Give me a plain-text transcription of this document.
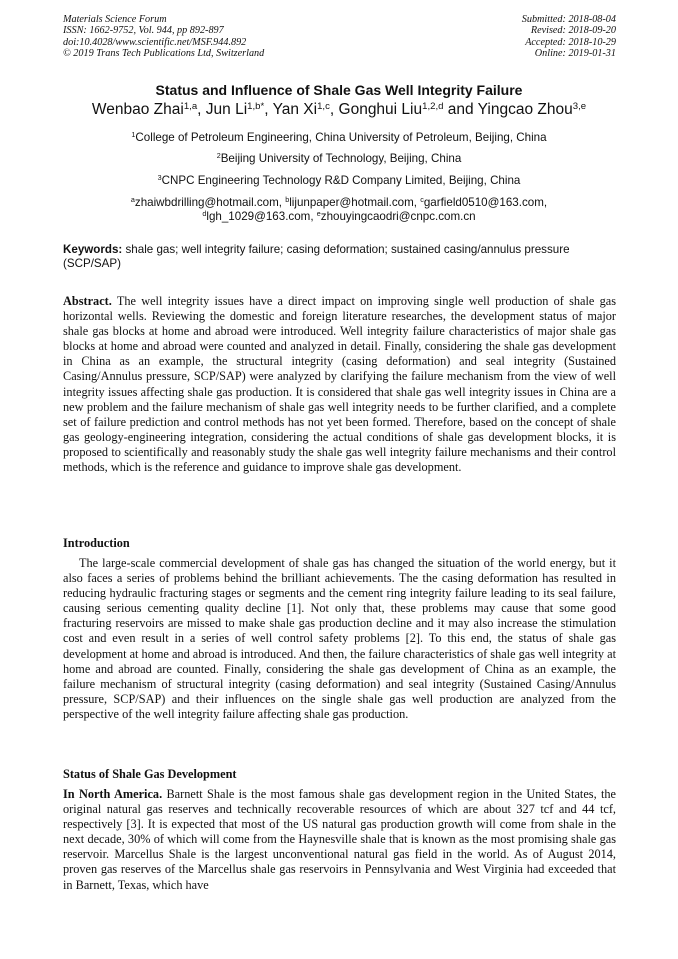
Materials Science Forum
ISSN: 1662-9752, Vol. 944, pp 892-897
doi:10.4028/www.scientific.net/MSF.944.892
© 2019 Trans Tech Publications Ltd, Switzerland
Submitted: 2018-08-04
Revised: 2018-09-20
Accepted: 2018-10-29
Online: 2019-01-31
Status and Influence of Shale Gas Well Integrity Failure
Wenbao Zhai$^{1,a}$, Jun $Li^{1,b*}$, Yan Xi$^{1,c}$, Gonghui Liu$^{1,2,d}$ and Yingcao Zhou$^{3,e}$
$^1$College of Petroleum Engineering, China University of Petroleum, Beijing, China
$^2$Beijing University of Technology, Beijing, China
$^3$CNPC Engineering Technology R&D Company Limited, Beijing, China
$^a$zhaiwbdrilling@hotmail.com, $^b$lijunpaper@hotmail.com, $^c$garfield0510@163.com,
$^d$lgh_1029@163.com, $^e$zhouyingcaodri@cnpc.com.cn
Keywords: shale gas; well integrity failure; casing deformation; sustained casing/annulus pressure (SCP/SAP)
Abstract. The well integrity issues have a direct impact on improving single well production of shale gas horizontal wells. Reviewing the domestic and foreign literature researches, the development status of major shale gas blocks at home and abroad were introduced. Well integrity failure characteristics of major shale gas blocks at home and abroad were counted and analyzed in detail. Finally, considering the shale gas development in China as an example, the structural integrity (casing deformation) and seal integrity (Sustained Casing/Annulus pressure, SCP/SAP) were analyzed by clarifying the failure mechanism from the view of well integrity issues affecting shale gas production. It is considered that shale gas well integrity issues in China are a new problem and the failure mechanism of shale gas well integrity needs to be further clarified, and a complete set of failure prediction and control methods has not yet been formed. Therefore, based on the concept of shale gas geology-engineering integration, considering the actual conditions of shale gas development blocks, it is proposed to scientifically and reasonably study the shale gas well integrity failure mechanisms and their control methods, which is the reference and guidance to improve shale gas development.
Introduction
The large-scale commercial development of shale gas has changed the situation of the world energy, but it also faces a series of problems behind the brilliant achievements. The the casing deformation has resulted in reducing hydraulic fracturing stages or segments and the cement ring integrity failure leading to its seal failure, causing serious cementing quality decline [1]. Not only that, these problems may cause that some good fracturing reservoirs are missed to make shale gas production decline and it may also increase the stimulation cost and even result in a series of well control safety problems [2]. To this end, the status of shale gas development at home and abroad is introduced. And then, the failure characteristics of shale gas well integrity at home and abroad are counted. Finally, considering the shale gas development of China as an example, the failure mechanism of structural integrity (casing deformation) and seal integrity (Sustained Casing/Annulus pressure, SCP/SAP) and their influences on the single shale gas well production are analyzed from the perspective of the well integrity failure affecting shale gas production.
Status of Shale Gas Development
In North America. Barnett Shale is the most famous shale gas development region in the United States, the original natural gas reserves and technically recoverable resources of which are about 327 tcf and 44 tcf, respectively [3]. It is expected that most of the US natural gas production growth will come from shale in the next decade, 30% of which will come from the Haynesville shale that is known as the most promising shale gas reservoir. Marcellus Shale is the largest unconventional natural gas field in the world. As of August 2014, proven gas reserves of the Marcellus shale gas reservoirs in Pennsylvania and West Virginia had exceeded that in Barnett, Texas, which have
